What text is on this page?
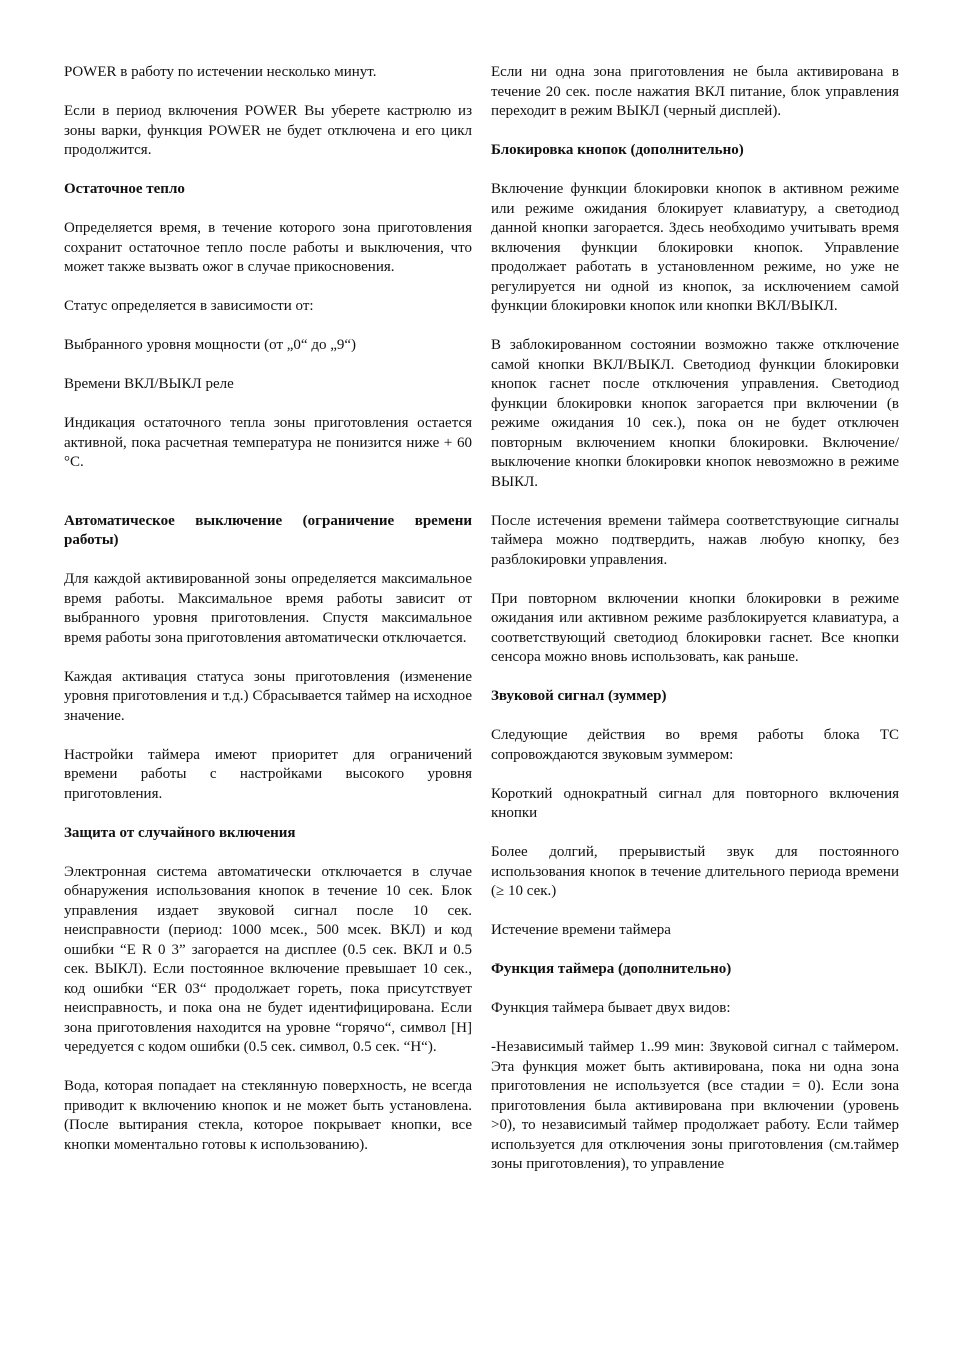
POWER в работу по истечении несколько минут.

Если в период включения POWER Вы уберете кастрюлю из зоны варки, функция POWER не будет отключена и его цикл продолжится.

Остаточное тепло

Определяется время, в течение которого зона приготовления сохранит остаточное тепло после работы и выключения, что может также вызвать ожог в случае прикосновения.

Статус определяется в зависимости от:

Выбранного уровня мощности (от „0“ до „9“)

Времени ВКЛ/ВЫКЛ реле

Индикация остаточного тепла зоны приготовления остается активной, пока расчетная температура не понизится ниже + 60 °C.

Автоматическое выключение (ограничение времени работы)

Для каждой активированной зоны определяется максимальное время работы. Максимальное время работы зависит от выбранного уровня приготовления. Спустя максимальное время работы зона приготовления автоматически отключается.

Каждая активация статуса зоны приготовления (изменение уровня приготовления и т.д.) Сбрасывается таймер на исходное значение.

Настройки таймера имеют приоритет для ограничений времени работы с настройками высокого уровня приготовления.

Защита от случайного включения

Электронная система автоматически отключается в случае обнаружения использования кнопок в течение 10 сек. Блок управления издает звуковой сигнал после 10 сек. неисправности (период: 1000 мсек., 500 мсек. ВКЛ) и код ошибки “E R 0 3” загорается на дисплее (0.5 сек. ВКЛ и 0.5 сек. ВЫКЛ). Если постоянное включение превышает 10 сек., код ошибки “ER 03“ продолжает гореть, пока присутствует неисправность, и пока она не будет идентифицирована. Если зона приготовления находится на уровне “горячо“, символ [H] чередуется с кодом ошибки (0.5 сек. символ, 0.5 сек. “H“).

Вода, которая попадает на стеклянную поверхность, не всегда приводит к включению кнопок и не может быть установлена. (После вытирания стекла, которое покрывает кнопки, все кнопки моментально готовы к использованию).

Если ни одна зона приготовления не была активирована в течение 20 сек. после нажатия ВКЛ питание, блок управления переходит в режим ВЫКЛ (черный дисплей).

Блокировка кнопок (дополнительно)

Включение функции блокировки кнопок в активном режиме или режиме ожидания блокирует клавиатуру, а светодиод данной кнопки загорается. Здесь необходимо учитывать время включения функции блокировки кнопок. Управление продолжает работать в установленном режиме, но уже не регулируется ни одной из кнопок, за исключением самой функции блокировки кнопок или кнопки ВКЛ/ВЫКЛ.

В заблокированном состоянии возможно также отключение самой кнопки ВКЛ/ВЫКЛ. Светодиод функции блокировки кнопок гаснет после отключения управления. Светодиод функции блокировки кнопок загорается при включении (в режиме ожидания 10 сек.), пока он не будет отключен повторным включением кнопки блокировки. Включение/выключение кнопки блокировки кнопок невозможно в режиме ВЫКЛ.

После истечения времени таймера соответствующие сигналы таймера можно подтвердить, нажав любую кнопку, без разблокировки управления.

При повторном включении кнопки блокировки в режиме ожидания или активном режиме разблокируется клавиатура, а соответствующий светодиод блокировки гаснет. Все кнопки сенсора можно вновь использовать, как раньше.

Звуковой сигнал (зуммер)

Следующие действия во время работы блока ТС сопровождаются звуковым зуммером:

Короткий однократный сигнал для повторного включения кнопки

Более долгий, прерывистый звук для постоянного использования кнопок в течение длительного периода времени (≥ 10 сек.)

Истечение времени таймера

Функция таймера (дополнительно)

Функция таймера бывает двух видов:

-Независимый таймер 1..99 мин: Звуковой сигнал с таймером. Эта функция может быть активирована, пока ни одна зона приготовления не используется (все стадии = 0). Если зона приготовления была активирована при включении (уровень >0), то независимый таймер продолжает работу. Если таймер используется для отключения зоны приготовления (см.таймер зоны приготовления), то управление
